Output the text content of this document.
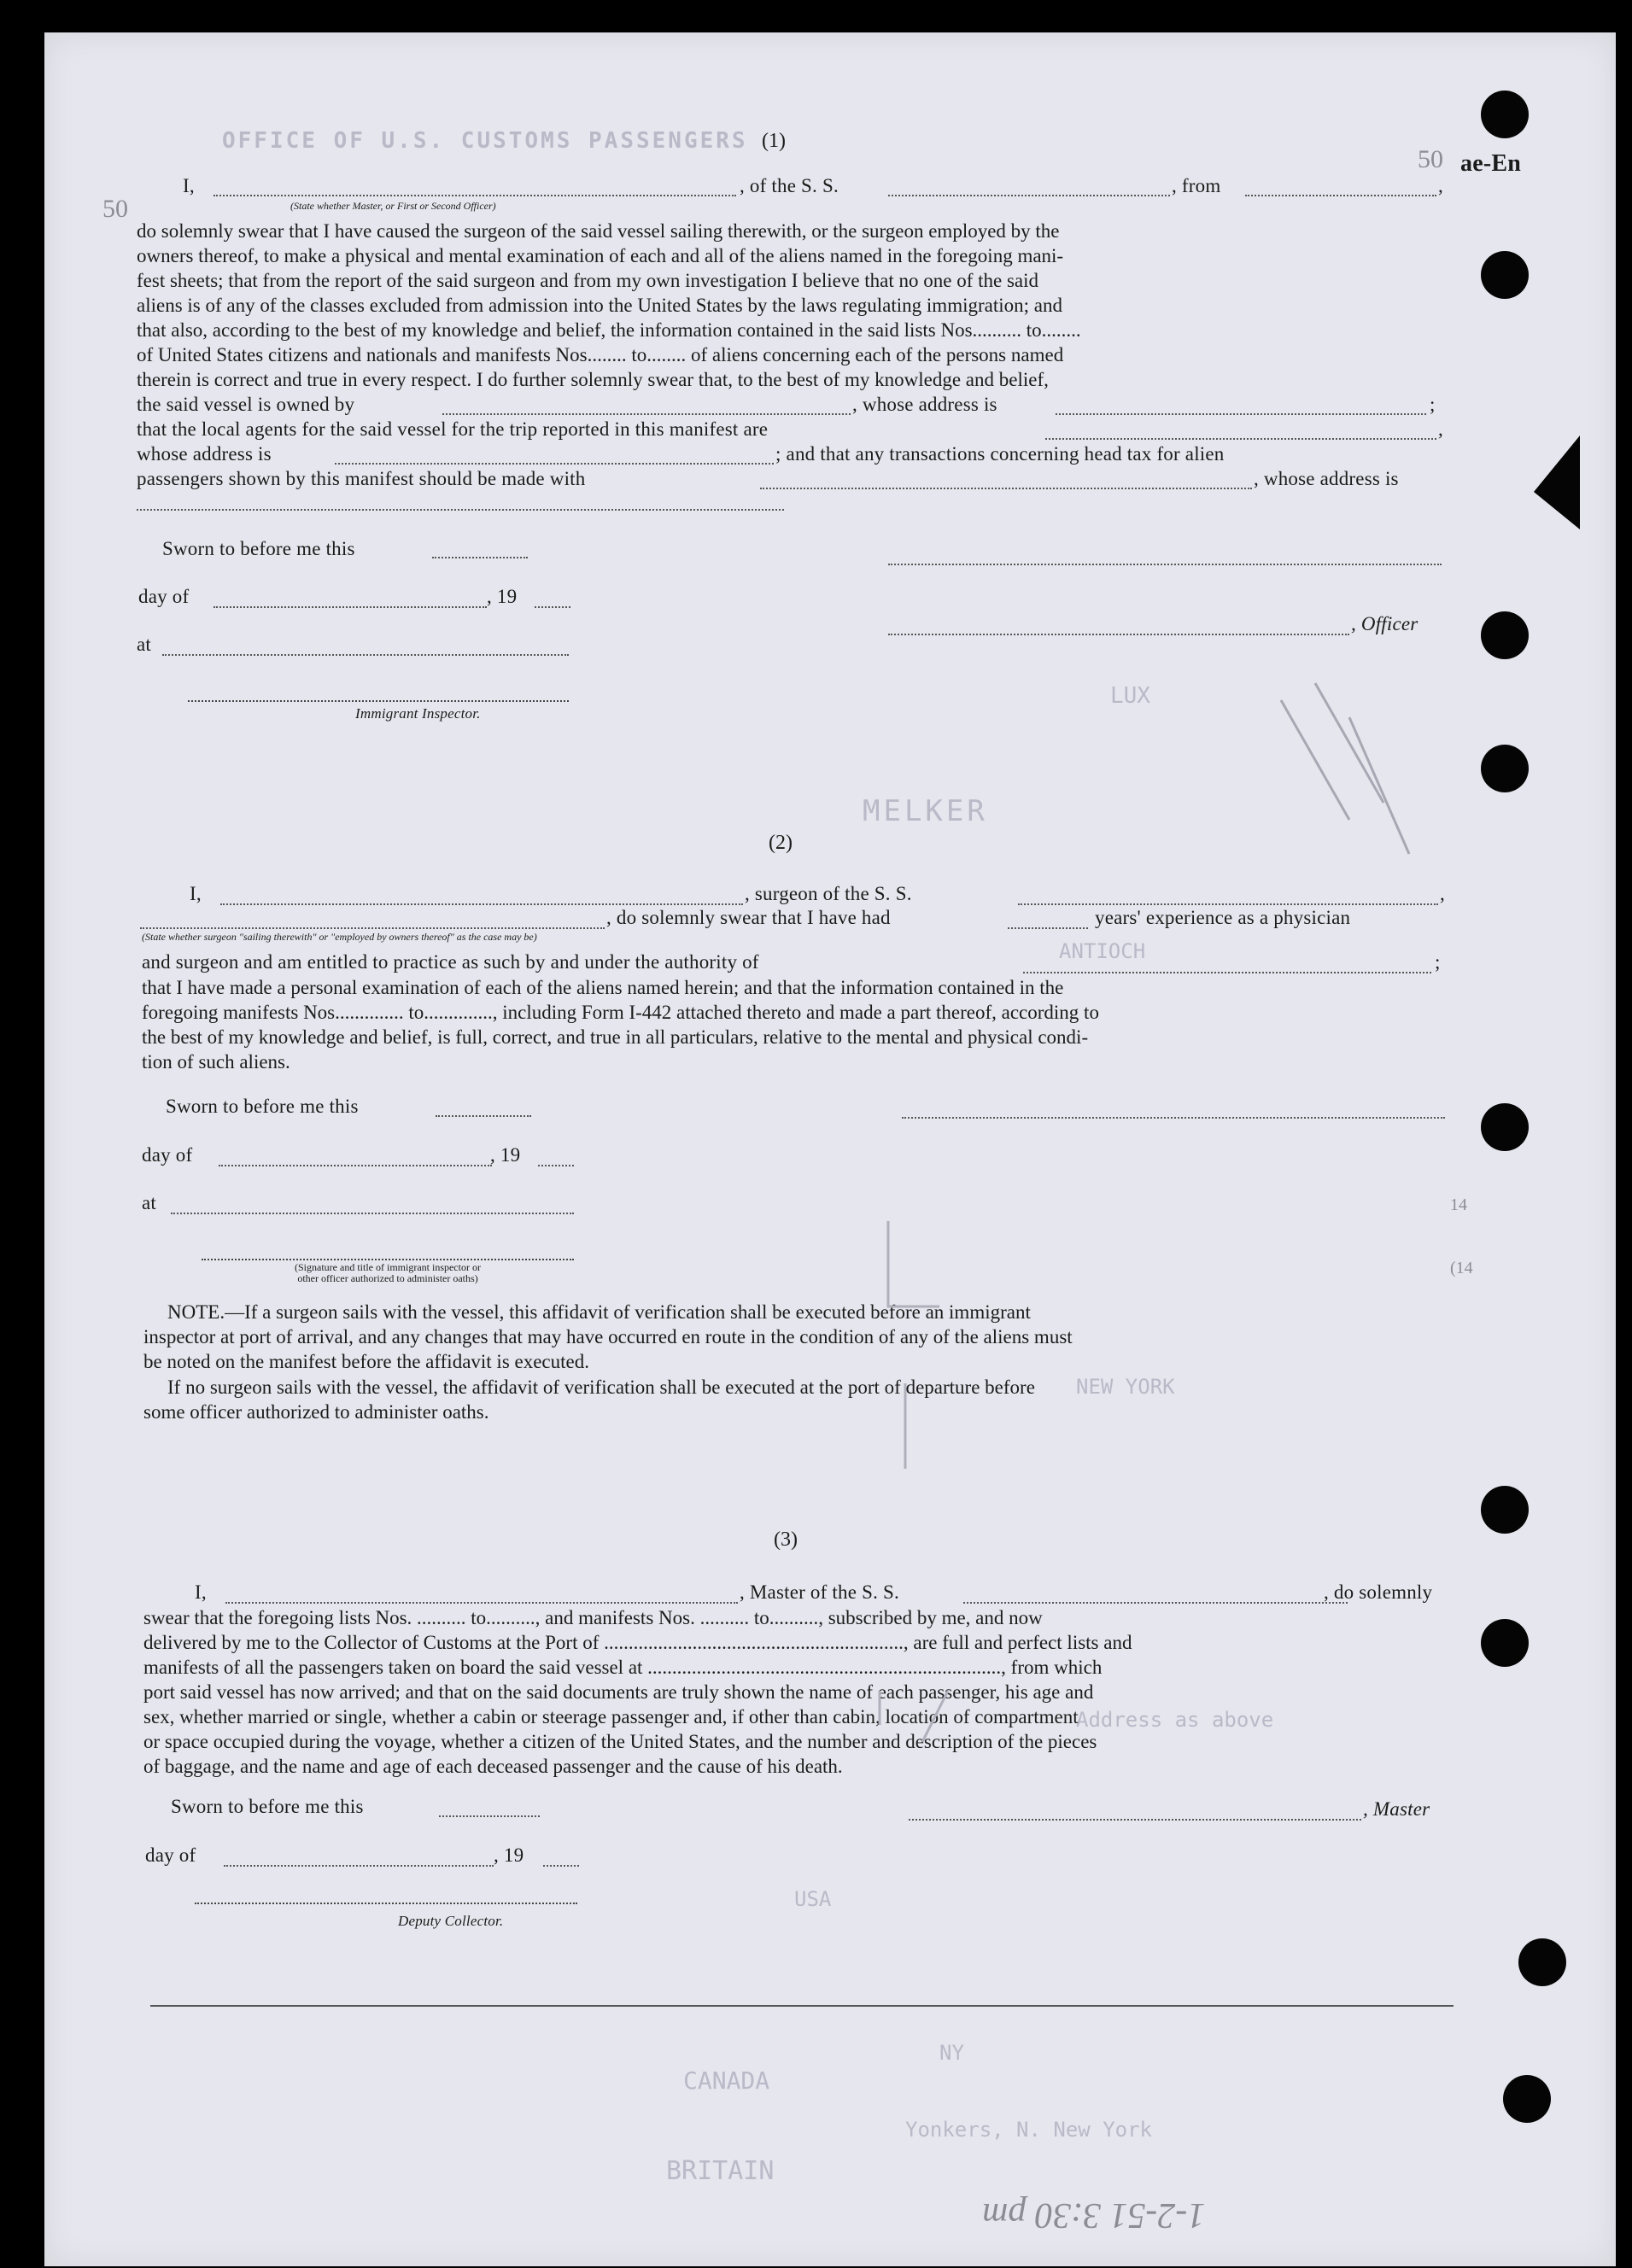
OFFICE OF U.S. CUSTOMS PASSENGERS
LUX
ANTIOCH
NEW YORK
MELKER
USA
NY
CANADA
BRITAIN
Yonkers, N. New York
Address as above
ae-En
50
50
(1)
I,	, of the S. S.	, from	,
(State whether Master, or First or Second Officer)
do solemnly swear that I have caused the surgeon of the said vessel sailing therewith, or the surgeon employed by the
owners thereof, to make a physical and mental examination of each and all of the aliens named in the foregoing mani-
fest sheets; that from the report of the said surgeon and from my own investigation I believe that no one of the said
aliens is of any of the classes excluded from admission into the United States by the laws regulating immigration; and
that also, according to the best of my knowledge and belief, the information contained in the said lists Nos.......... to........
of United States citizens and nationals and manifests Nos........ to........ of aliens concerning each of the persons named
therein is correct and true in every respect. I do further solemnly swear that, to the best of my knowledge and belief,
the said vessel is owned by	, whose address is	;
that the local agents for the said vessel for the trip reported in this manifest are	,
whose address is	; and that any transactions concerning head tax for alien
passengers shown by this manifest should be made with	, whose address is
Sworn to before me this
day of	, 19
at
, Officer
Immigrant Inspector.
(2)
I,	, surgeon of the S. S.	,
, do solemnly swear that I have had	years' experience as a physician
(State whether surgeon "sailing therewith" or "employed by owners thereof" as the case may be)
and surgeon and am entitled to practice as such by and under the authority of	;
that I have made a personal examination of each of the aliens named herein; and that the information contained in the
foregoing manifests Nos.............. to.............., including Form I-442 attached thereto and made a part thereof, according to
the best of my knowledge and belief, is full, correct, and true in all particulars, relative to the mental and physical condi-
tion of such aliens.
Sworn to before me this
day of	, 19
at
(Signature and title of immigrant inspector or
other officer authorized to administer oaths)
NOTE.—If a surgeon sails with the vessel, this affidavit of verification shall be executed before an immigrant
inspector at port of arrival, and any changes that may have occurred en route in the condition of any of the aliens must
be noted on the manifest before the affidavit is executed.
If no surgeon sails with the vessel, the affidavit of verification shall be executed at the port of departure before
some officer authorized to administer oaths.
(3)
I,	, Master of the S. S.	, do solemnly
swear that the foregoing lists Nos. .......... to.........., and manifests Nos. .......... to.........., subscribed by me, and now
delivered by me to the Collector of Customs at the Port of ............................................................., are full and perfect lists and
manifests of all the passengers taken on board the said vessel at ........................................................................, from which
port said vessel has now arrived; and that on the said documents are truly shown the name of each passenger, his age and
sex, whether married or single, whether a cabin or steerage passenger and, if other than cabin, location of compartment
or space occupied during the voyage, whether a citizen of the United States, and the number and description of the pieces
of baggage, and the name and age of each deceased passenger and the cause of his death.
Sworn to before me this	, Master
day of	, 19
Deputy Collector.
1-2-51 3:30 pm
14
(14
